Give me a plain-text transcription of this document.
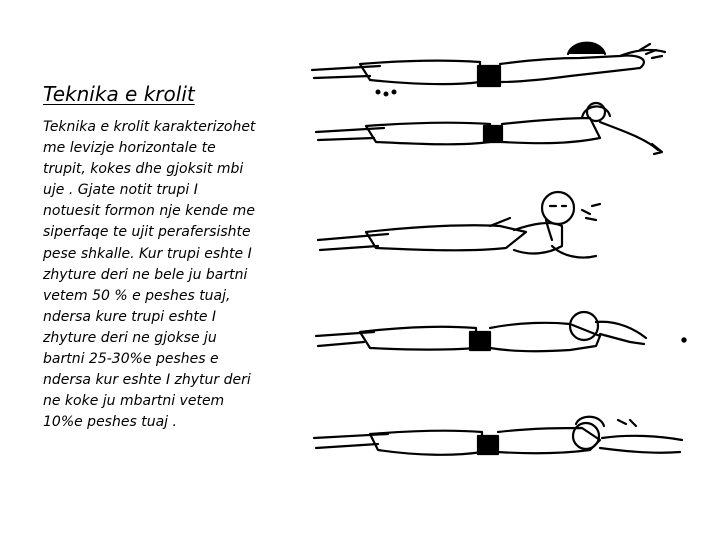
Teknika e krolit
Teknika e krolit karakterizohet
me levizje horizontale te
trupit, kokes dhe gjoksit mbi
uje . Gjate notit trupi I
notuesit formon nje kende me
siperfaqe te ujit perafersishte
pese shkalle. Kur trupi eshte I
zhyture deri ne bele ju bartni
vetem 50 % e peshes tuaj,
ndersa kure trupi eshte I
zhyture deri ne gjokse ju
bartni 25-30%e peshes e
ndersa kur eshte I zhytur deri
ne koke ju mbartni vetem
10%e peshes tuaj .
